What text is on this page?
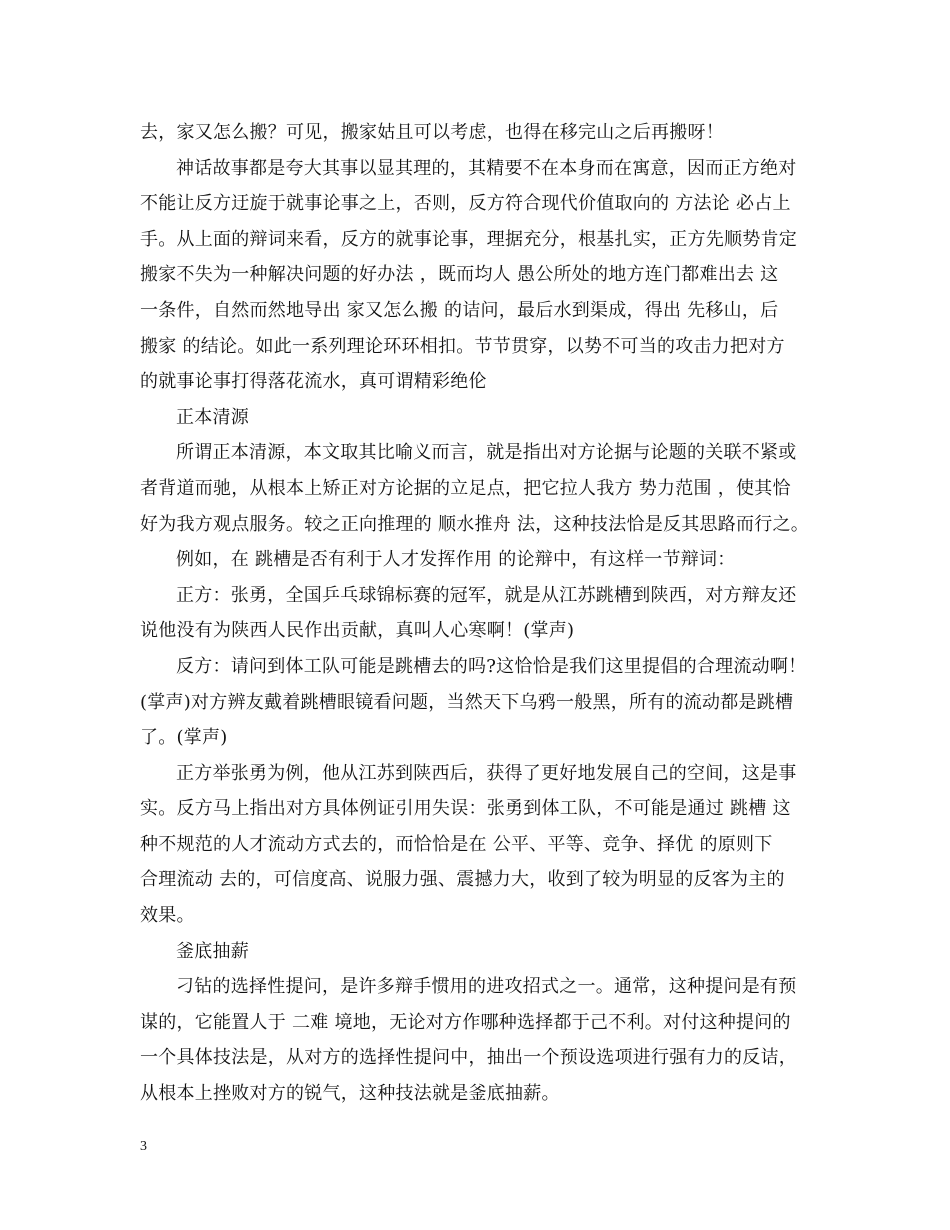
去，家又怎么搬？可见，搬家姑且可以考虑，也得在移完山之后再搬呀！
神话故事都是夸大其事以显其理的，其精要不在本身而在寓意，因而正方绝对
不能让反方迂旋于就事论事之上，否则，反方符合现代价值取向的 方法论 必占上
手。从上面的辩词来看，反方的就事论事，理据充分，根基扎实，正方先顺势肯定
搬家不失为一种解决问题的好办法 ，既而均人 愚公所处的地方连门都难出去 这
一条件，自然而然地导出 家又怎么搬 的诘问，最后水到渠成，得出 先移山，后
搬家 的结论。如此一系列理论环环相扣。节节贯穿，以势不可当的攻击力把对方
的就事论事打得落花流水，真可谓精彩绝伦
正本清源
所谓正本清源，本文取其比喻义而言，就是指出对方论据与论题的关联不紧或
者背道而驰，从根本上矫正对方论据的立足点，把它拉人我方 势力范围 ，使其恰
好为我方观点服务。较之正向推理的 顺水推舟 法，这种技法恰是反其思路而行之。
例如，在 跳槽是否有利于人才发挥作用 的论辩中，有这样一节辩词：
正方：张勇，全国乒乓球锦标赛的冠军，就是从江苏跳槽到陕西，对方辩友还
说他没有为陕西人民作出贡献，真叫人心寒啊！(掌声)
反方：请问到体工队可能是跳槽去的吗?这恰恰是我们这里提倡的合理流动啊！
(掌声)对方辨友戴着跳槽眼镜看问题，当然天下乌鸦一般黑，所有的流动都是跳槽
了。(掌声)
正方举张勇为例，他从江苏到陕西后，获得了更好地发展自己的空间，这是事
实。反方马上指出对方具体例证引用失误：张勇到体工队，不可能是通过 跳槽 这
种不规范的人才流动方式去的，而恰恰是在 公平、平等、竞争、择优 的原则下
合理流动 去的，可信度高、说服力强、震撼力大，收到了较为明显的反客为主的
效果。
釜底抽薪
刁钻的选择性提问，是许多辩手惯用的进攻招式之一。通常，这种提问是有预
谋的，它能置人于 二难 境地，无论对方作哪种选择都于己不利。对付这种提问的
一个具体技法是，从对方的选择性提问中，抽出一个预设选项进行强有力的反诘，
从根本上挫败对方的锐气，这种技法就是釜底抽薪。
3
